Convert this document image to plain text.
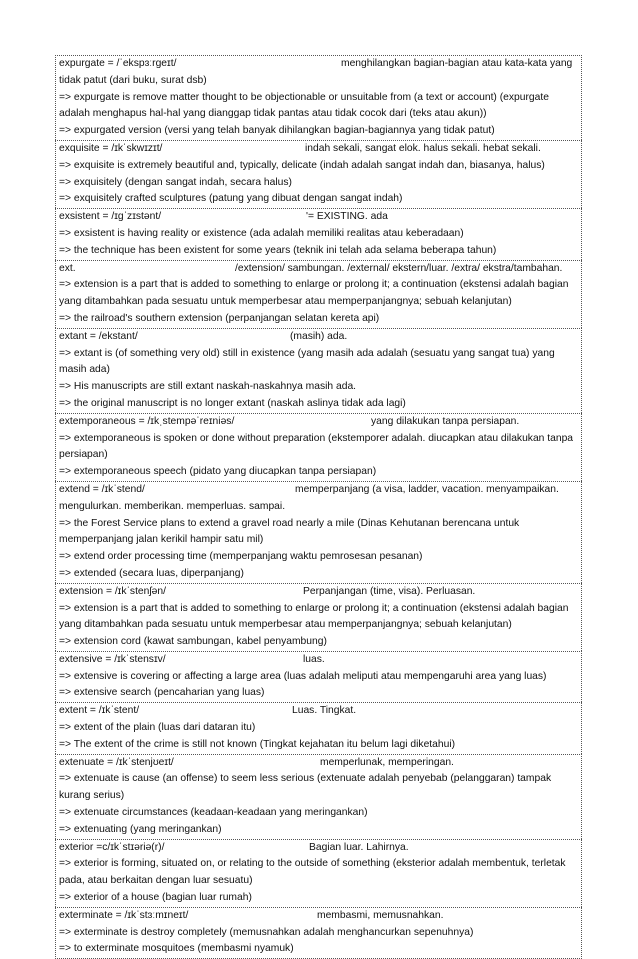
expurgate = /ˈekspɜːrgeɪt/	menghilangkan bagian-bagian atau kata-kata yang tidak patut (dari buku, surat dsb)
=> expurgate is remove matter thought to be objectionable or unsuitable from (a text or account) (expurgate adalah menghapus hal-hal yang dianggap tidak pantas atau tidak cocok dari (teks atau akun))
=> expurgated version (versi yang telah banyak dihilangkan bagian-bagiannya yang tidak patut)
exquisite = /ɪkˈskwɪzɪt/	indah sekali, sangat elok. halus sekali. hebat sekali.
=> exquisite is extremely beautiful and, typically, delicate (indah adalah sangat indah dan, biasanya, halus)
=> exquisitely (dengan sangat indah, secara halus)
=> exquisitely crafted sculptures (patung yang dibuat dengan sangat indah)
exsistent = /ɪgˈzɪstənt/	'= EXISTING. ada
=> exsistent is having reality or existence (ada adalah memiliki realitas atau keberadaan)
=> the technique has been existent for some years (teknik ini telah ada selama beberapa tahun)
ext.	/extension/ sambungan. /external/ ekstern/luar. /extra/ ekstra/tambahan.
=> extension is a part that is added to something to enlarge or prolong it; a continuation (ekstensi adalah bagian yang ditambahkan pada sesuatu untuk memperbesar atau memperpanjangnya; sebuah kelanjutan)
=> the railroad's southern extension (perpanjangan selatan kereta api)
extant = /ekstant/	(masih) ada.
=> extant is (of something very old) still in existence (yang masih ada adalah (sesuatu yang sangat tua) yang masih ada)
=> His manuscripts are still extant naskah-naskahnya masih ada.
=> the original manuscript is no longer extant (naskah aslinya tidak ada lagi)
extemporaneous = /ɪkˌstempəˈreɪniəs/	yang dilakukan tanpa persiapan.
=> extemporaneous is spoken or done without preparation (ekstemporer adalah. diucapkan atau dilakukan tanpa persiapan)
=> extemporaneous speech (pidato yang diucapkan tanpa persiapan)
extend = /ɪkˈstend/	memperpanjang (a visa, ladder, vacation. menyampaikan. mengulurkan. memberikan. memperluas. sampai.
=> the Forest Service plans to extend a gravel road nearly a mile (Dinas Kehutanan berencana untuk memperpanjang jalan kerikil hampir satu mil)
=> extend order processing time (memperpanjang waktu pemrosesan pesanan)
=> extended (secara luas, diperpanjang)
extension = /ɪkˈstenʃən/	Perpanjangan (time, visa). Perluasan.
=> extension is a part that is added to something to enlarge or prolong it; a continuation (ekstensi adalah bagian yang ditambahkan pada sesuatu untuk memperbesar atau memperpanjangnya; sebuah kelanjutan)
=> extension cord (kawat sambungan, kabel penyambung)
extensive = /ɪkˈstensɪv/	luas.
=> extensive is covering or affecting a large area (luas adalah meliputi atau mempengaruhi area yang luas)
=> extensive search (pencaharian yang luas)
extent = /ɪkˈstent/	Luas. Tingkat.
=> extent of the plain (luas dari dataran itu)
=> The extent of the crime is still not known (Tingkat kejahatan itu belum lagi diketahui)
extenuate = /ɪkˈstenjʊeɪt/	memperlunak, memperingan.
=> extenuate is cause (an offense) to seem less serious (extenuate adalah penyebab (pelanggaran) tampak kurang serius)
=> extenuate circumstances (keadaan-keadaan yang meringankan)
=> extenuating (yang meringankan)
exterior =c/ɪkˈstɪəriə(r)/	Bagian luar. Lahirnya.
=> exterior is forming, situated on, or relating to the outside of something (eksterior adalah membentuk, terletak pada, atau berkaitan dengan luar sesuatu)
=> exterior of a house (bagian luar rumah)
exterminate = /ɪkˈstɜːmɪneɪt/	membasmi, memusnahkan.
=> exterminate is destroy completely (memusnahkan adalah menghancurkan sepenuhnya)
=> to exterminate mosquitoes (membasmi nyamuk)
